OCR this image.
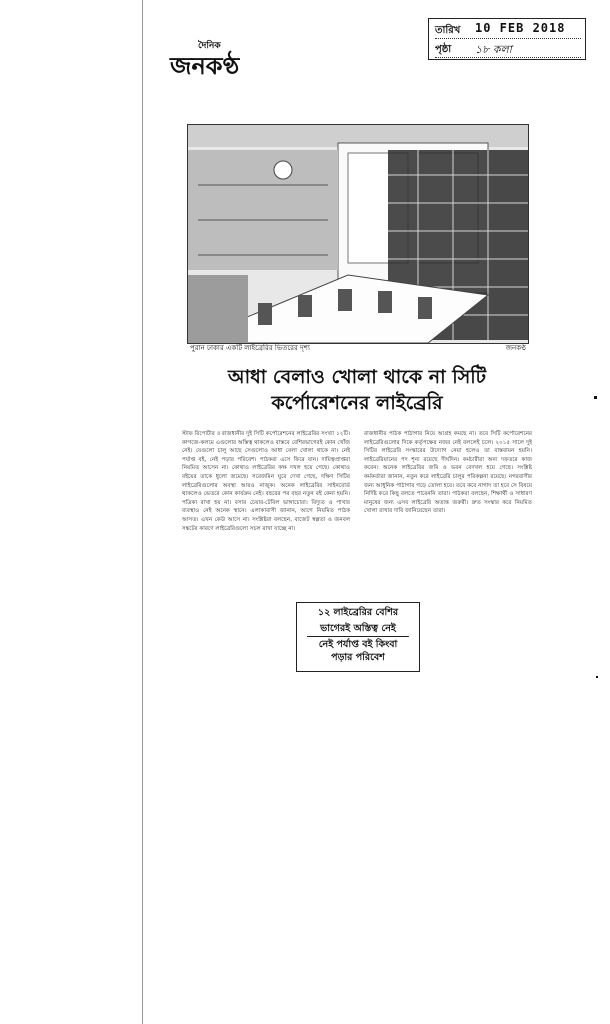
দৈনিক
জনকণ্ঠ
তারিখ 10 FEB 2018
পৃষ্ঠা ১৮ কলা
পুরান ঢাকার একটি লাইব্রেরির ভিতরের দৃশ্য	জনকণ্ঠ
আধা বেলাও খোলা থাকে না সিটি
কর্পোরেশনের লাইব্রেরি

স্টাফ রিপোর্টার ॥ রাজধানীর দুই সিটি কর্পোরেশনের লাইব্রেরির সংখ্যা ১২টি। কাগজে-কলমে এগুলোর অস্তিত্ব থাকলেও বাস্তবে বেশিরভাগেরই কোন খোঁজ নেই। যেগুলো চালু আছে সেগুলোও আধা বেলা খোলা থাকে না। নেই পর্যাপ্ত বই, নেই পড়ার পরিবেশ। পাঠকরা এসে ফিরে যান। দায়িত্বপ্রাপ্তরা নিয়মিত আসেন না। কোথাও লাইব্রেরির কক্ষ দখল হয়ে গেছে। কোথাও বইয়ের তাকে ধুলো জমেছে। সরেজমিন ঘুরে দেখা গেছে, দক্ষিণ সিটির লাইব্রেরিগুলোর অবস্থা আরও নাজুক। অনেক লাইব্রেরির সাইনবোর্ড থাকলেও ভেতরে কোন কার্যক্রম নেই। বছরের পর বছর নতুন বই কেনা হয়নি। পত্রিকা রাখা হয় না। বসার চেয়ার-টেবিল ভাঙ্গাচোরা। বিদ্যুত ও পাখার ব্যবস্থাও নেই অনেক স্থানে। এলাকাবাসী জানান, আগে নিয়মিত পাঠক আসত। এখন কেউ আসে না। সংশ্লিষ্টরা বলছেন, বাজেট স্বল্পতা ও জনবল সঙ্কটের কারণে লাইব্রেরিগুলো সচল রাখা যাচ্ছে না।

রাজধানীর পাঠক পাঠাগার নিয়ে আগ্রহ কমছে না। তবে সিটি কর্পোরেশনের লাইব্রেরিগুলোর দিকে কর্তৃপক্ষের নজর নেই বললেই চলে। ২০১৫ সালে দুই সিটির লাইব্রেরি সংস্কারের উদ্যোগ নেয়া হলেও তা বাস্তবায়ন হয়নি। লাইব্রেরিয়ানের পদ শূন্য রয়েছে দীর্ঘদিন। কর্মচারীরা অন্য দফতরে কাজ করেন। অনেক লাইব্রেরির জমি ও ভবন বেদখল হয়ে গেছে। সংশ্লিষ্ট কর্মকর্তারা জানান, নতুন করে লাইব্রেরি চালুর পরিকল্পনা রয়েছে। নগরবাসীর জন্য আধুনিক পাঠাগার গড়ে তোলা হবে। তবে কবে নাগাদ তা হবে সে বিষয়ে নির্দিষ্ট করে কিছু বলতে পারেননি তারা। পাঠকরা বলছেন, শিক্ষার্থী ও সাধারণ মানুষের জন্য এসব লাইব্রেরি অত্যন্ত জরুরী। দ্রুত সংস্কার করে নিয়মিত খোলা রাখার দাবি জানিয়েছেন তারা।

১২ লাইব্রেরির বেশির
ভাগেরই অস্তিত্ব নেই
নেই পর্যাপ্ত বই কিংবা
পড়ার পরিবেশ
